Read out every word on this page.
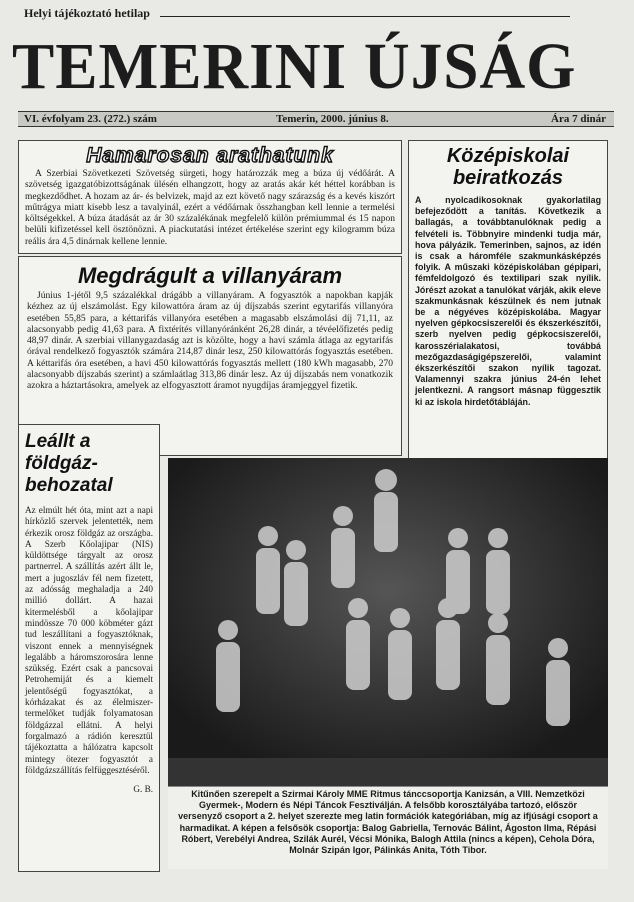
Helyi tájékoztató hetilap
TEMERINI ÚJSÁG
VI. évfolyam 23. (272.) szám	Temerin, 2000. június 8.	Ára 7 dinár
Hamarosan arathatunk

A Szerbiai Szövetkezeti Szövetség sürgeti, hogy határozzák meg a búza új védőárát. A szövetség igazgatóbizottságának ülésén elhangzott, hogy az aratás akár két héttel korábban is megkezdődhet. A hozam az ár- és belvizek, majd az ezt követő nagy szárazság és a kevés kiszórt műtrágya miatt kisebb lesz a tavalyinál, ezért a védőárnak összhangban kell lennie a termelési költségekkel. A búza átadását az ár 30 százalékának megfelelő külön prémiummal és 15 napon belüli kifizetéssel kell ösztönözni. A piackutatási intézet értékelése szerint egy kilogramm búza reális ára 4,5 dinárnak kellene lennie.

Középiskolai beiratkozás
A nyolcadikosoknak gyakorlatilag befejeződött a tanítás. Következik a ballagás, a továbbtanulóknak pedig a felvételi is. Többnyire mindenki tudja már, hova pályázik. Temerinben, sajnos, az idén is csak a háromféle szakmunkásképzés folyik. A műszaki középiskolában gépipari, fémfeldolgozó és textilipari szak nyílik. Jórészt azokat a tanulókat várják, akik eleve szakmunkásnak készülnek és nem jutnak be a négyéves középiskolába. Magyar nyelven gépkocsiszerelői és ékszerkészítői, szerb nyelven pedig gépkocsiszerelői, karosszérialakatosi, továbbá mezőgazdaságigépszerelői, valamint ékszerkészítői szakon nyílik tagozat. Valamennyi szakra június 24-én lehet jelentkezni. A rangsort másnap függesztik ki az iskola hirdetőtábláján.
Megdrágult a villanyáram

Június 1-jétől 9,5 százalékkal drágább a villanyáram. A fogyasztók a napokban kapják kézhez az új elszámolást. Egy kilowattóra áram az új díjszabás szerint egytarifás villanyóra esetében 55,85 para, a kéttarifás villanyóra esetében a magasabb elszámolási díj 71,11, az alacsonyabb pedig 41,63 para. A fixtérítés villanyóránként 26,28 dinár, a tévéelőfizetés pedig 48,97 dinár. A szerbiai villanygazdaság azt is közölte, hogy a havi számla átlaga az egytarifás órával rendelkező fogyasztók számára 214,87 dinár lesz, 250 kilowattórás fogyasztás esetében. A kéttarifás óra esetében, a havi 450 kilowattórás fogyasztás mellett (180 kWh magasabb, 270 alacsonyabb díjszabás szerint) a számlaátlag 313,86 dinár lesz. Az új díjszabás nem vonatkozik azokra a háztartásokra, amelyek az elfogyasztott áramot nyugdíjas áramjeggyel fizetik.

Leállt a földgáz-behozatal
Az elmúlt hét óta, mint azt a napi hírközlő szervek jelentették, nem érkezik orosz földgáz az országba. A Szerb Kőolajipar (NIS) küldöttsége tárgyalt az orosz partnerrel. A szállítás azért állt le, mert a jugoszláv fél nem fizetett, az adósság meghaladja a 240 millió dollárt. A hazai kitermelésből a kőolajipar mindössze 70 000 köbméter gázt tud leszállítani a fogyasztóknak, viszont ennek a mennyiségnek legalább a háromszorosára lenne szükség. Ezért csak a pancsovai Petrohemiját és a kiemelt jelentőségű fogyasztókat, a kórházakat és az élelmiszer-termelőket tudják folyamatosan földgázzal ellátni. A helyi forgalmazó a rádión keresztül tájékoztatta a hálózatra kapcsolt mintegy ötezer fogyasztót a földgázszállítás felfüggesztéséről.
G. B.	Kitűnően szerepelt a Szirmai Károly MME Ritmus tánccsoportja Kanizsán, a VIII. Nemzetközi Gyermek-, Modern és Népi Táncok Fesztiválján. A felsőbb korosztályába tartozó, először versenyző csoport a 2. helyet szerezte meg latin formációk kategóriában, míg az ifjúsági csoport a harmadikat. A képen a felsősök csoportja: Balog Gabriella, Ternovác Bálint, Ágoston Ilma, Répási Róbert, Verebélyi Andrea, Szilák Aurél, Vécsi Mónika, Balogh Attila (nincs a képen), Cehola Dóra, Molnár Szipán Igor, Pálinkás Anita, Tóth Tibor.
